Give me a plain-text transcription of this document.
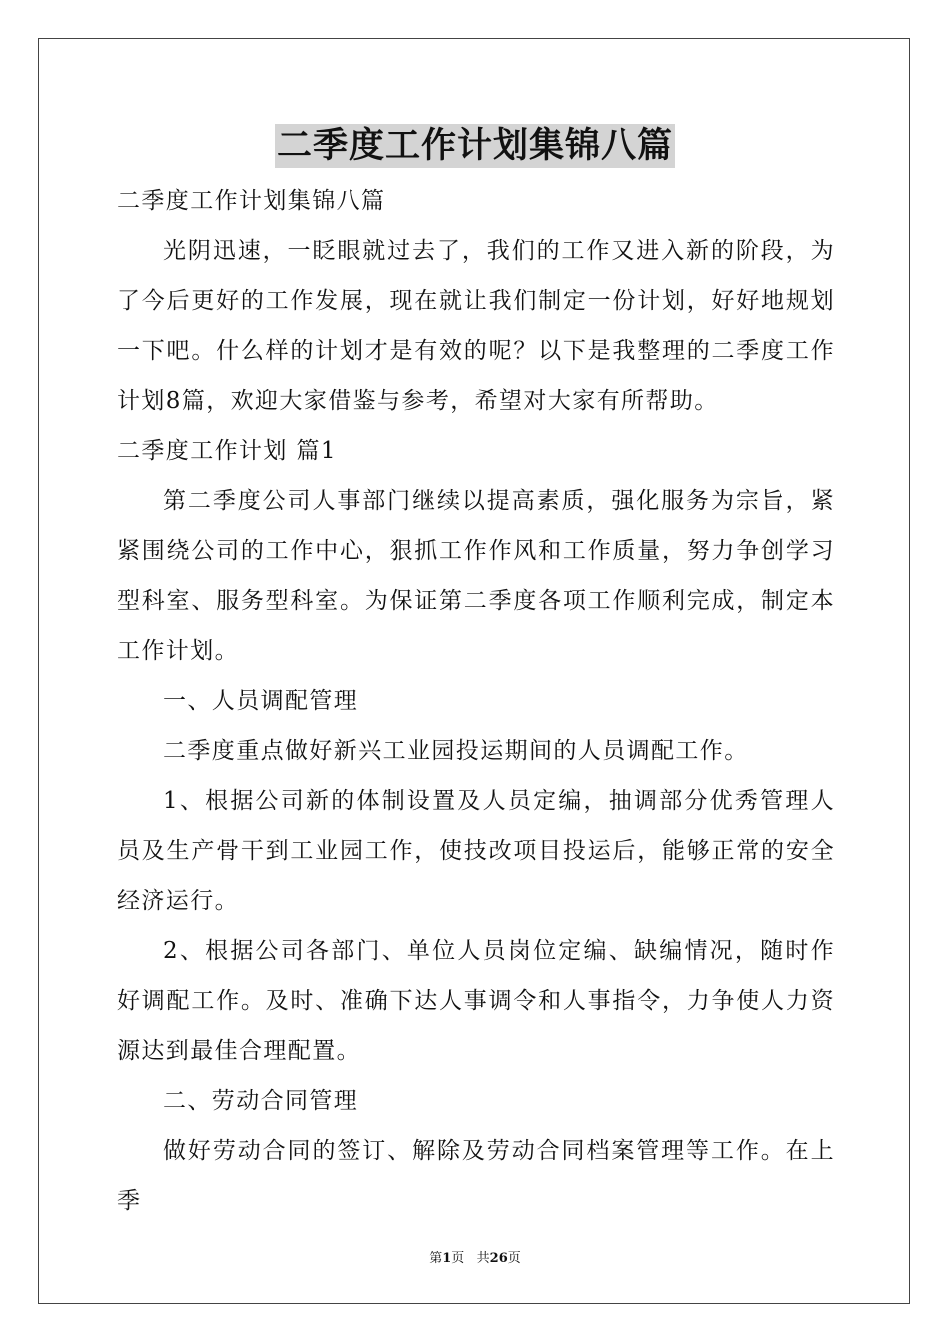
二季度工作计划集锦八篇

二季度工作计划集锦八篇

光阴迅速，一眨眼就过去了，我们的工作又进入新的阶段，为了今后更好的工作发展，现在就让我们制定一份计划，好好地规划一下吧。什么样的计划才是有效的呢？以下是我整理的二季度工作计划8篇，欢迎大家借鉴与参考，希望对大家有所帮助。

二季度工作计划 篇1

第二季度公司人事部门继续以提高素质，强化服务为宗旨，紧紧围绕公司的工作中心，狠抓工作作风和工作质量，努力争创学习型科室、服务型科室。为保证第二季度各项工作顺利完成，制定本工作计划。

一、人员调配管理

二季度重点做好新兴工业园投运期间的人员调配工作。

1、根据公司新的体制设置及人员定编，抽调部分优秀管理人员及生产骨干到工业园工作，使技改项目投运后，能够正常的安全经济运行。

2、根据公司各部门、单位人员岗位定编、缺编情况，随时作好调配工作。及时、准确下达人事调令和人事指令，力争使人力资源达到最佳合理配置。

二、劳动合同管理

做好劳动合同的签订、解除及劳动合同档案管理等工作。在上季

第1页   共26页
